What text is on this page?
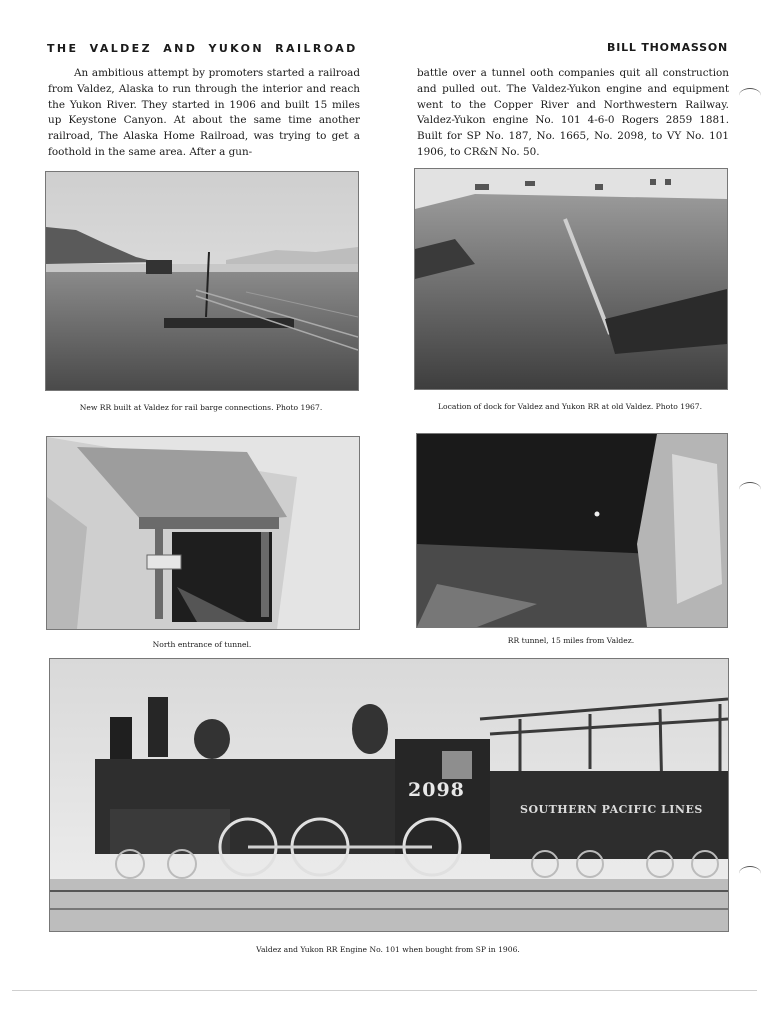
THE VALDEZ AND YUKON RAILROAD	BILL THOMASSON

An ambitious attempt by promoters started a railroad from Valdez, Alaska to run through the interior and reach the Yukon River. They started in 1906 and built 15 miles up Keystone Canyon. At about the same time another railroad, The Alaska Home Railroad, was trying to get a foothold in the same area. After a gun-

battle over a tunnel ooth companies quit all construction and pulled out. The Valdez-Yukon engine and equipment went to the Copper River and Northwestern Railway. Valdez-Yukon engine No. 101 4-6-0 Rogers 2859 1881. Built for SP No. 187, No. 1665, No. 2098, to VY No. 101 1906, to CR&N No. 50.

New RR built at Valdez for rail barge connections. Photo 1967.	Location of dock for Valdez and Yukon RR at old Valdez. Photo 1967.
North entrance of tunnel.	RR tunnel, 15 miles from Valdez.
2098
SOUTHERN PACIFIC LINES
Valdez and Yukon RR Engine No. 101 when bought from SP in 1906.
